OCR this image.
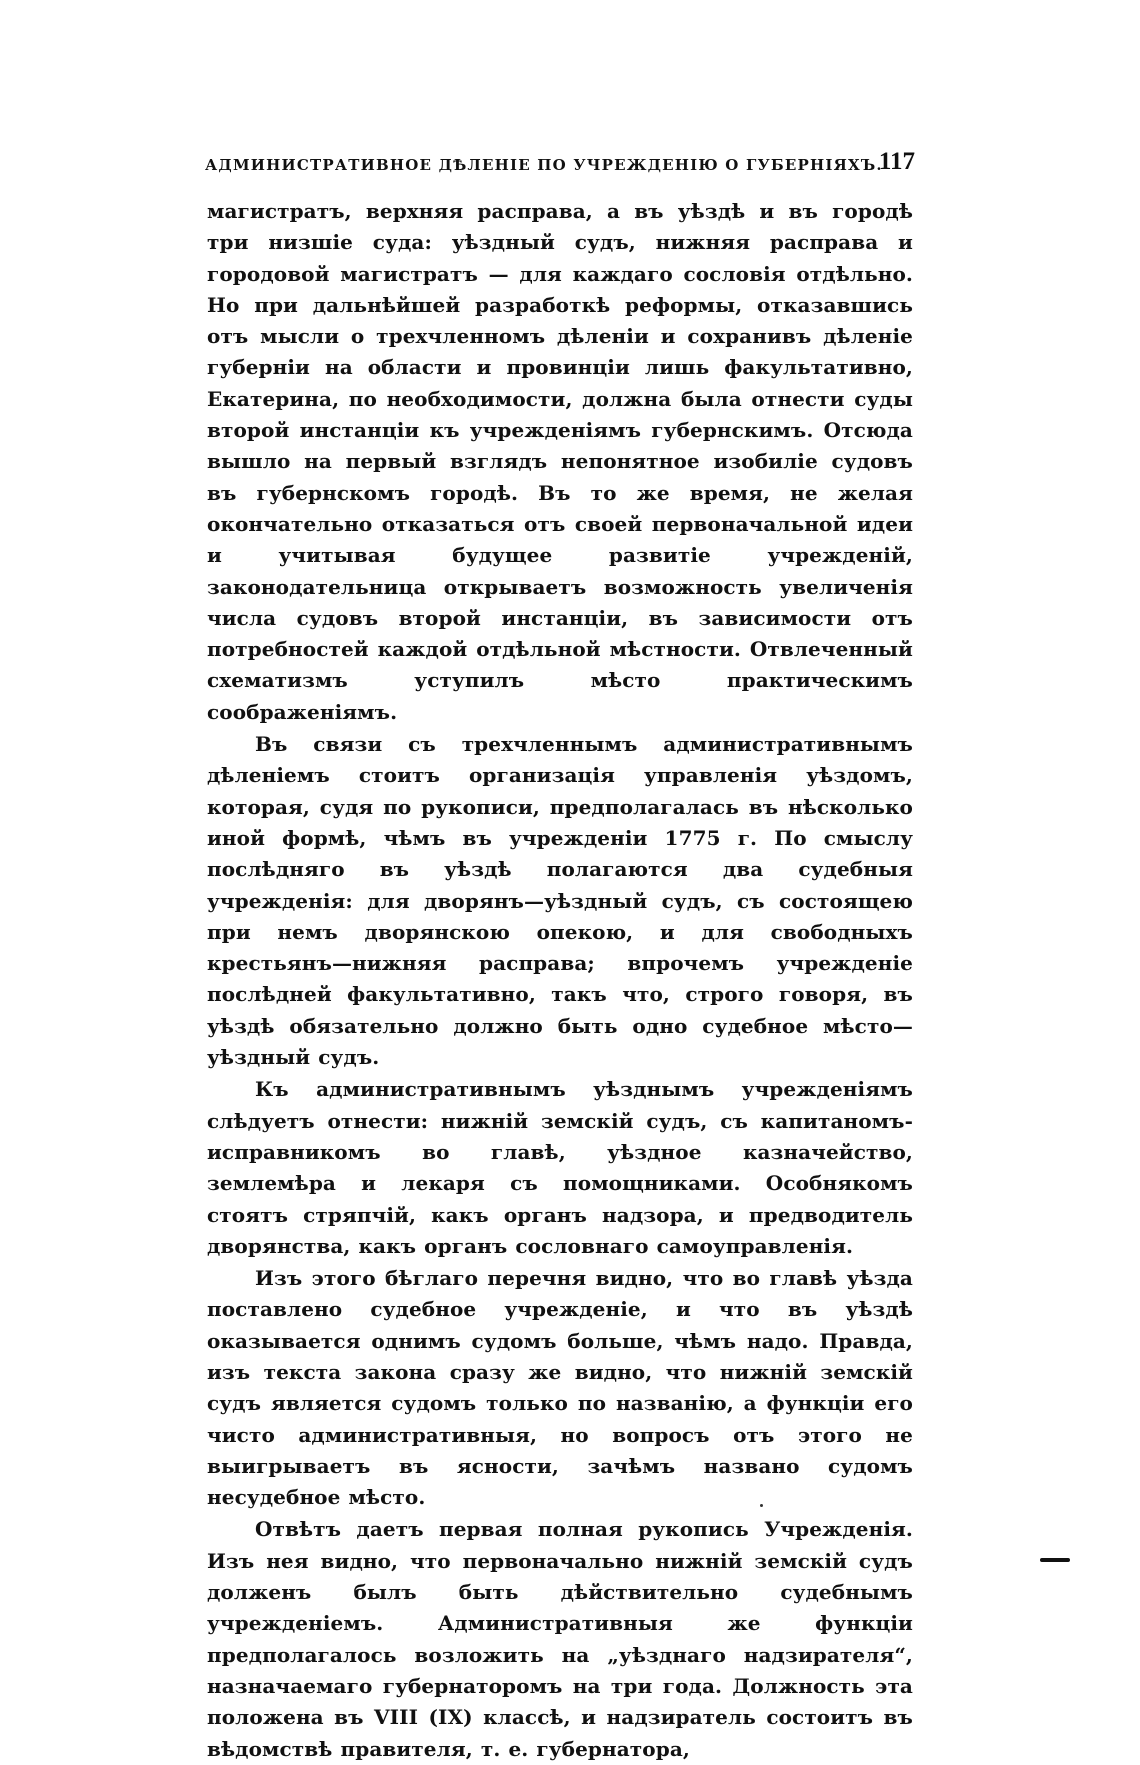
АДМИНИСТРАТИВНОЕ ДѢЛЕНІЕ ПО УЧРЕЖДЕНІЮ О ГУБЕРНІЯХЪ.
117

магистратъ, верхняя расправа, а въ уѣздѣ и въ городѣ три низшіе суда: уѣздный судъ, нижняя расправа и городовой магистратъ — для каждаго сословія отдѣльно. Но при дальнѣйшей разработкѣ реформы, отказавшись отъ мысли о трехчленномъ дѣленіи и сохранивъ дѣленіе губерніи на области и провинціи лишь факультативно, Екатерина, по необходимости, должна была отнести суды второй инстанціи къ учрежденіямъ губернскимъ. Отсюда вышло на первый взглядъ непонятное изобиліе судовъ въ губернскомъ городѣ. Въ то же время, не желая окончательно отказаться отъ своей первоначальной идеи и учитывая будущее развитіе учрежденій, законодательница открываетъ возможность увеличенія числа судовъ второй инстанціи, въ зависимости отъ потребностей каждой отдѣльной мѣстности. Отвлеченный схематизмъ уступилъ мѣсто практическимъ соображеніямъ.

Въ связи съ трехчленнымъ административнымъ дѣленіемъ стоитъ организація управленія уѣздомъ, которая, судя по рукописи, предполагалась въ нѣсколько иной формѣ, чѣмъ въ учрежденіи 1775 г. По смыслу послѣдняго въ уѣздѣ полагаются два судебныя учрежденія: для дворянъ—уѣздный судъ, съ состоящею при немъ дворянскою опекою, и для свободныхъ крестьянъ—нижняя расправа; впрочемъ учрежденіе послѣдней факультативно, такъ что, строго говоря, въ уѣздѣ обязательно должно быть одно судебное мѣсто—уѣздный судъ.

Къ административнымъ уѣзднымъ учрежденіямъ слѣдуетъ отнести: нижній земскій судъ, съ капитаномъ-исправникомъ во главѣ, уѣздное казначейство, землемѣра и лекаря съ помощниками. Особнякомъ стоятъ стряпчій, какъ органъ надзора, и предводитель дворянства, какъ органъ сословнаго самоуправленія.

Изъ этого бѣглаго перечня видно, что во главѣ уѣзда поставлено судебное учрежденіе, и что въ уѣздѣ оказывается однимъ судомъ больше, чѣмъ надо. Правда, изъ текста закона сразу же видно, что нижній земскій судъ является судомъ только по названію, а функціи его чисто административныя, но вопросъ отъ этого не выигрываетъ въ ясности, зачѣмъ названо судомъ несудебное мѣсто.

Отвѣтъ даетъ первая полная рукопись Учрежденія. Изъ нея видно, что первоначально нижній земскій судъ долженъ былъ быть дѣйствительно судебнымъ учрежденіемъ. Административныя же функціи предполагалось возложить на „уѣзднаго надзирателя“, назначаемаго губернаторомъ на три года. Должность эта положена въ VIII (IX) классѣ, и надзиратель состоитъ въ вѣдомствѣ правителя, т. е. губернатора,
